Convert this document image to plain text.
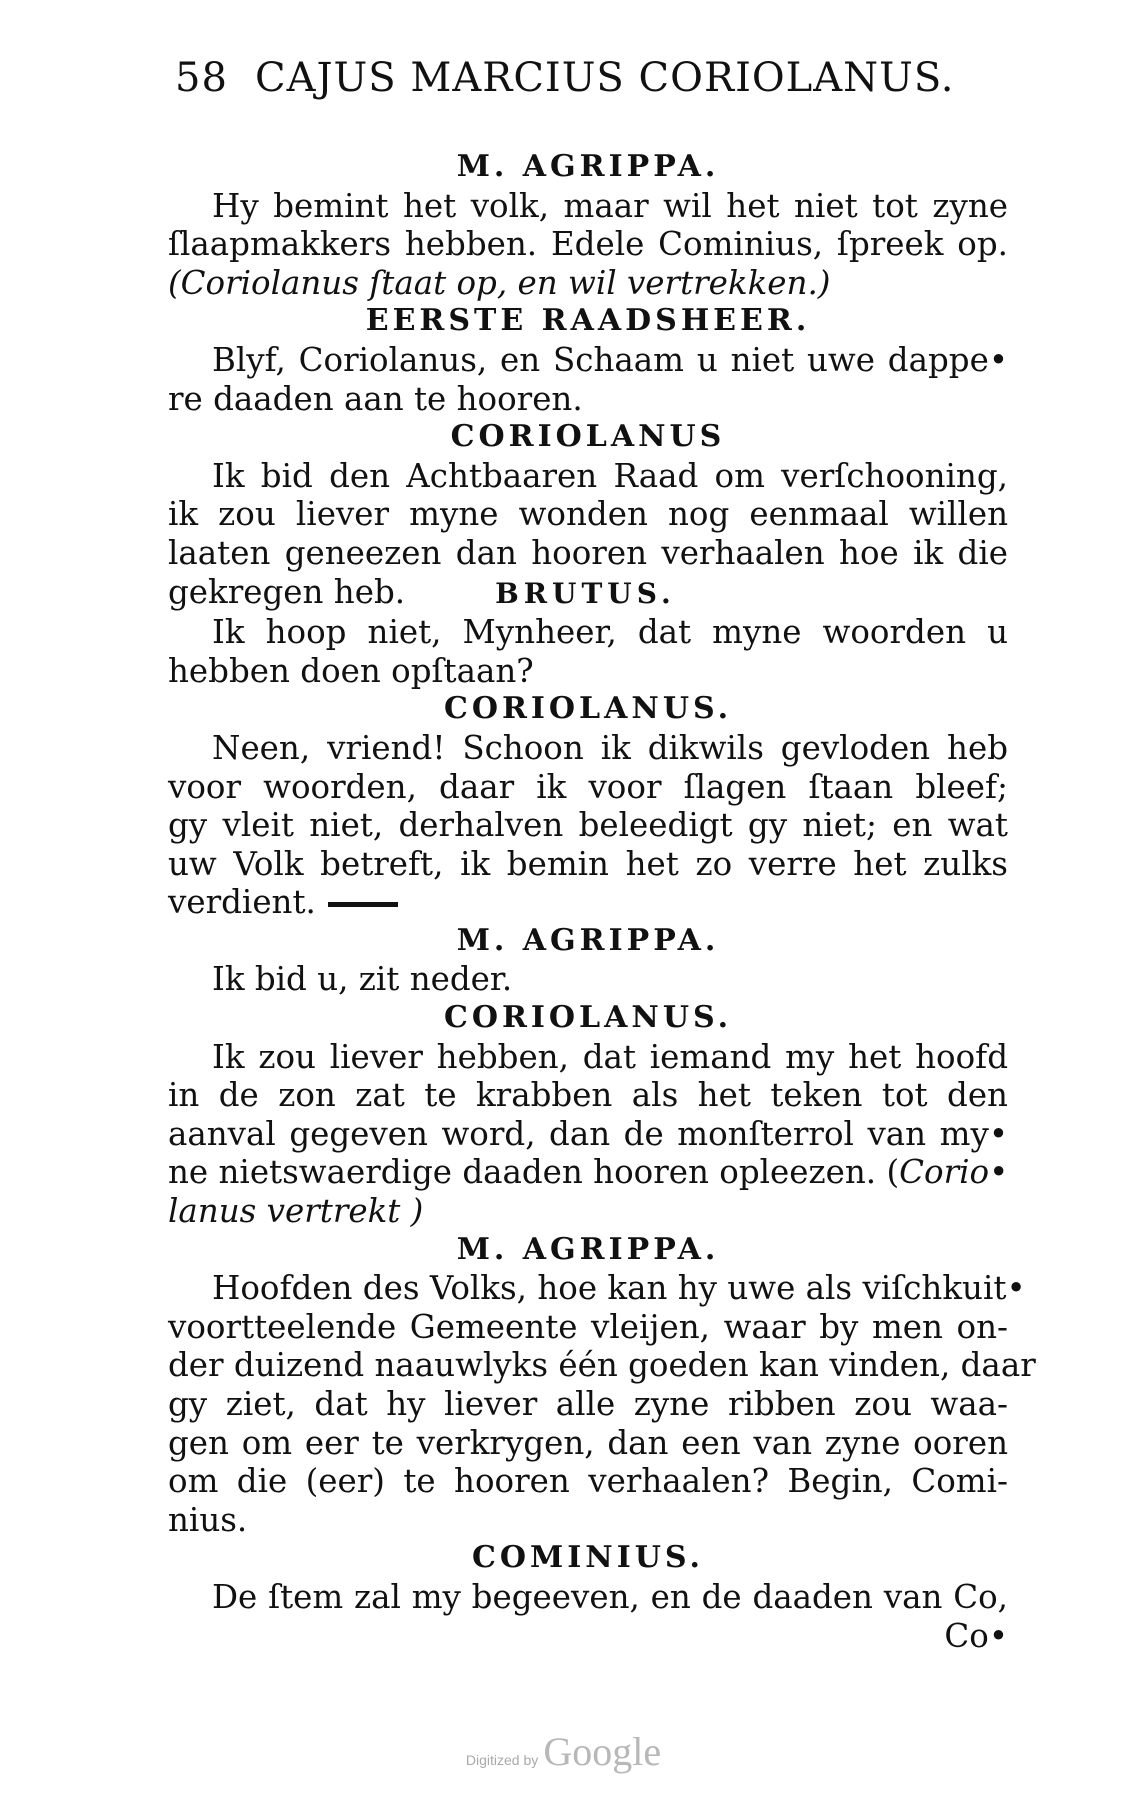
58 CAJUS MARCIUS CORIOLANUS.
M. AGRIPPA.
Hy bemint het volk, maar wil het niet tot zyne
ſlaapmakkers hebben. Edele Cominius, ſpreek op.
(Coriolanus ſtaat op, en wil vertrekken.)
EERSTE RAADSHEER.
Blyf, Coriolanus, en Schaam u niet uwe dappe•
re daaden aan te hooren.
CORIOLANUS
Ik bid den Achtbaaren Raad om verſchooning,
ik zou liever myne wonden nog eenmaal willen
laaten geneezen dan hooren verhaalen hoe ik die
gekregen heb.	BRUTUS.
Ik hoop niet, Mynheer, dat myne woorden u
hebben doen opſtaan?
CORIOLANUS.
Neen, vriend! Schoon ik dikwils gevloden heb
voor woorden, daar ik voor ſlagen ſtaan bleef;
gy vleit niet, derhalven beleedigt gy niet; en wat
uw Volk betreft, ik bemin het zo verre het zulks
verdient.
M. AGRIPPA.
Ik bid u, zit neder.
CORIOLANUS.
Ik zou liever hebben, dat iemand my het hoofd
in de zon zat te krabben als het teken tot den
aanval gegeven word, dan de monſterrol van my•
ne nietswaerdige daaden hooren opleezen. (Corio•
lanus vertrekt )
M. AGRIPPA.
Hoofden des Volks, hoe kan hy uwe als viſchkuit•
voortteelende Gemeente vleijen, waar by men on-
der duizend naauwlyks één goeden kan vinden, daar
gy ziet, dat hy liever alle zyne ribben zou waa-
gen om eer te verkrygen, dan een van zyne ooren
om die (eer) te hooren verhaalen? Begin, Comi-
nius.
COMINIUS.
De ſtem zal my begeeven, en de daaden van Co,
Co•
Digitized by Google
